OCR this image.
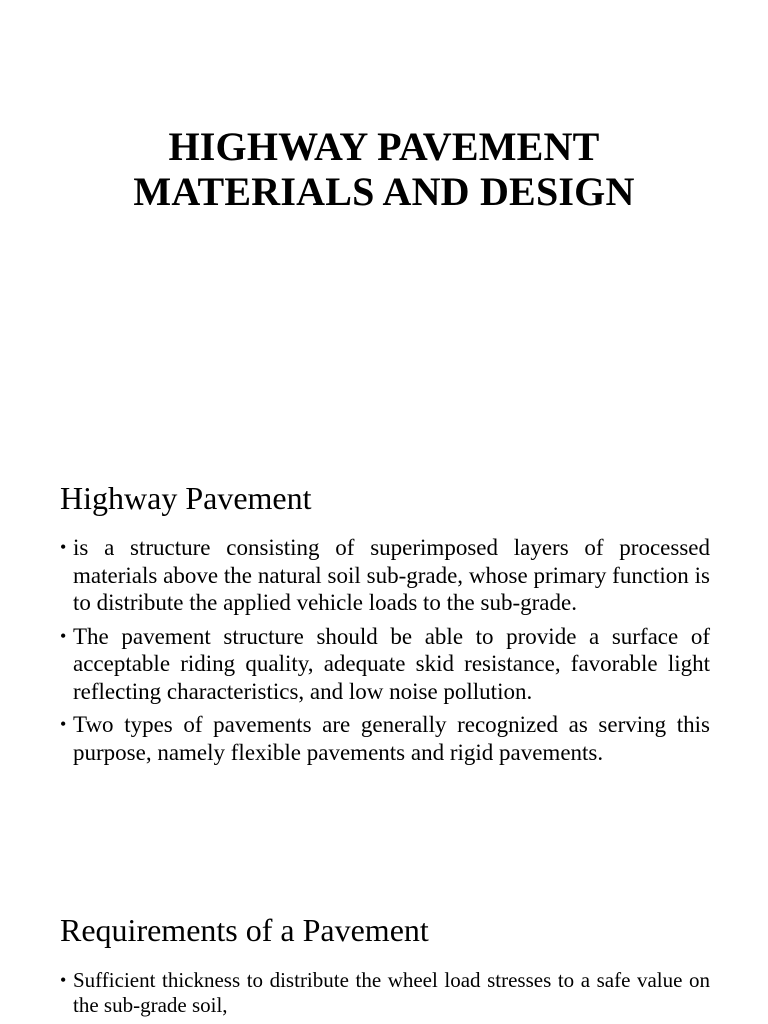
HIGHWAY PAVEMENT
MATERIALS AND DESIGN
Highway Pavement
• is a structure consisting of superimposed layers of processed materials above the natural soil sub-grade, whose primary function is to distribute the applied vehicle loads to the sub-grade.
• The pavement structure should be able to provide a surface of acceptable riding quality, adequate skid resistance, favorable light reflecting characteristics, and low noise pollution.
• Two types of pavements are generally recognized as serving this purpose, namely flexible pavements and rigid pavements.
Requirements of a Pavement
• Sufficient thickness to distribute the wheel load stresses to a safe value on the sub-grade soil,
